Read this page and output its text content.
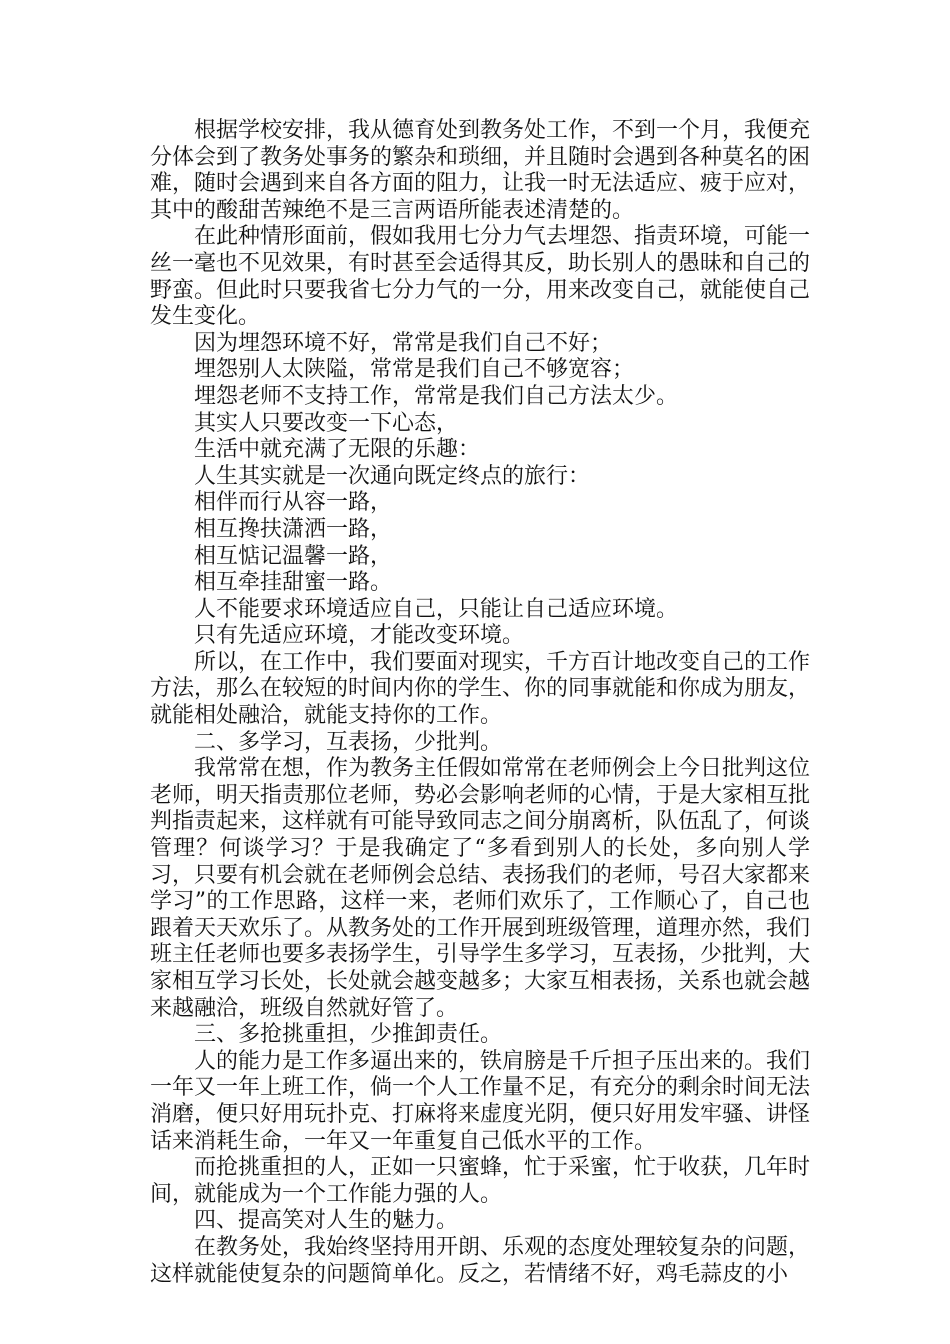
根据学校安排，我从德育处到教务处工作，不到一个月，我便充分体会到了教务处事务的繁杂和琐细，并且随时会遇到各种莫名的困难，随时会遇到来自各方面的阻力，让我一时无法适应、疲于应对，其中的酸甜苦辣绝不是三言两语所能表述清楚的。

在此种情形面前，假如我用七分力气去埋怨、指责环境，可能一丝一毫也不见效果，有时甚至会适得其反，助长别人的愚昧和自己的野蛮。但此时只要我省七分力气的一分，用来改变自己，就能使自己发生变化。

因为埋怨环境不好，常常是我们自己不好；

埋怨别人太陕隘，常常是我们自己不够宽容；

埋怨老师不支持工作，常常是我们自己方法太少。

其实人只要改变一下心态，

生活中就充满了无限的乐趣：

人生其实就是一次通向既定终点的旅行：

相伴而行从容一路，

相互搀扶潇洒一路，

相互惦记温馨一路，

相互牵挂甜蜜一路。

人不能要求环境适应自己，只能让自己适应环境。

只有先适应环境，才能改变环境。

所以，在工作中，我们要面对现实，千方百计地改变自己的工作方法，那么在较短的时间内你的学生、你的同事就能和你成为朋友，就能相处融洽，就能支持你的工作。

二、多学习，互表扬，少批判。

我常常在想，作为教务主任假如常常在老师例会上今日批判这位老师，明天指责那位老师，势必会影响老师的心情，于是大家相互批判指责起来，这样就有可能导致同志之间分崩离析，队伍乱了，何谈管理？何谈学习？于是我确定了“多看到别人的长处，多向别人学习，只要有机会就在老师例会总结、表扬我们的老师，号召大家都来学习”的工作思路，这样一来，老师们欢乐了，工作顺心了，自己也跟着天天欢乐了。从教务处的工作开展到班级管理，道理亦然，我们班主任老师也要多表扬学生，引导学生多学习，互表扬，少批判，大家相互学习长处，长处就会越变越多；大家互相表扬，关系也就会越来越融洽，班级自然就好管了。

三、多抢挑重担，少推卸责任。

人的能力是工作多逼出来的，铁肩膀是千斤担子压出来的。我们一年又一年上班工作，倘一个人工作量不足，有充分的剩余时间无法消磨，便只好用玩扑克、打麻将来虚度光阴，便只好用发牢骚、讲怪话来消耗生命，一年又一年重复自己低水平的工作。

而抢挑重担的人，正如一只蜜蜂，忙于采蜜，忙于收获，几年时间，就能成为一个工作能力强的人。

四、提高笑对人生的魅力。

在教务处，我始终坚持用开朗、乐观的态度处理较复杂的问题，这样就能使复杂的问题简单化。反之，若情绪不好，鸡毛蒜皮的小
